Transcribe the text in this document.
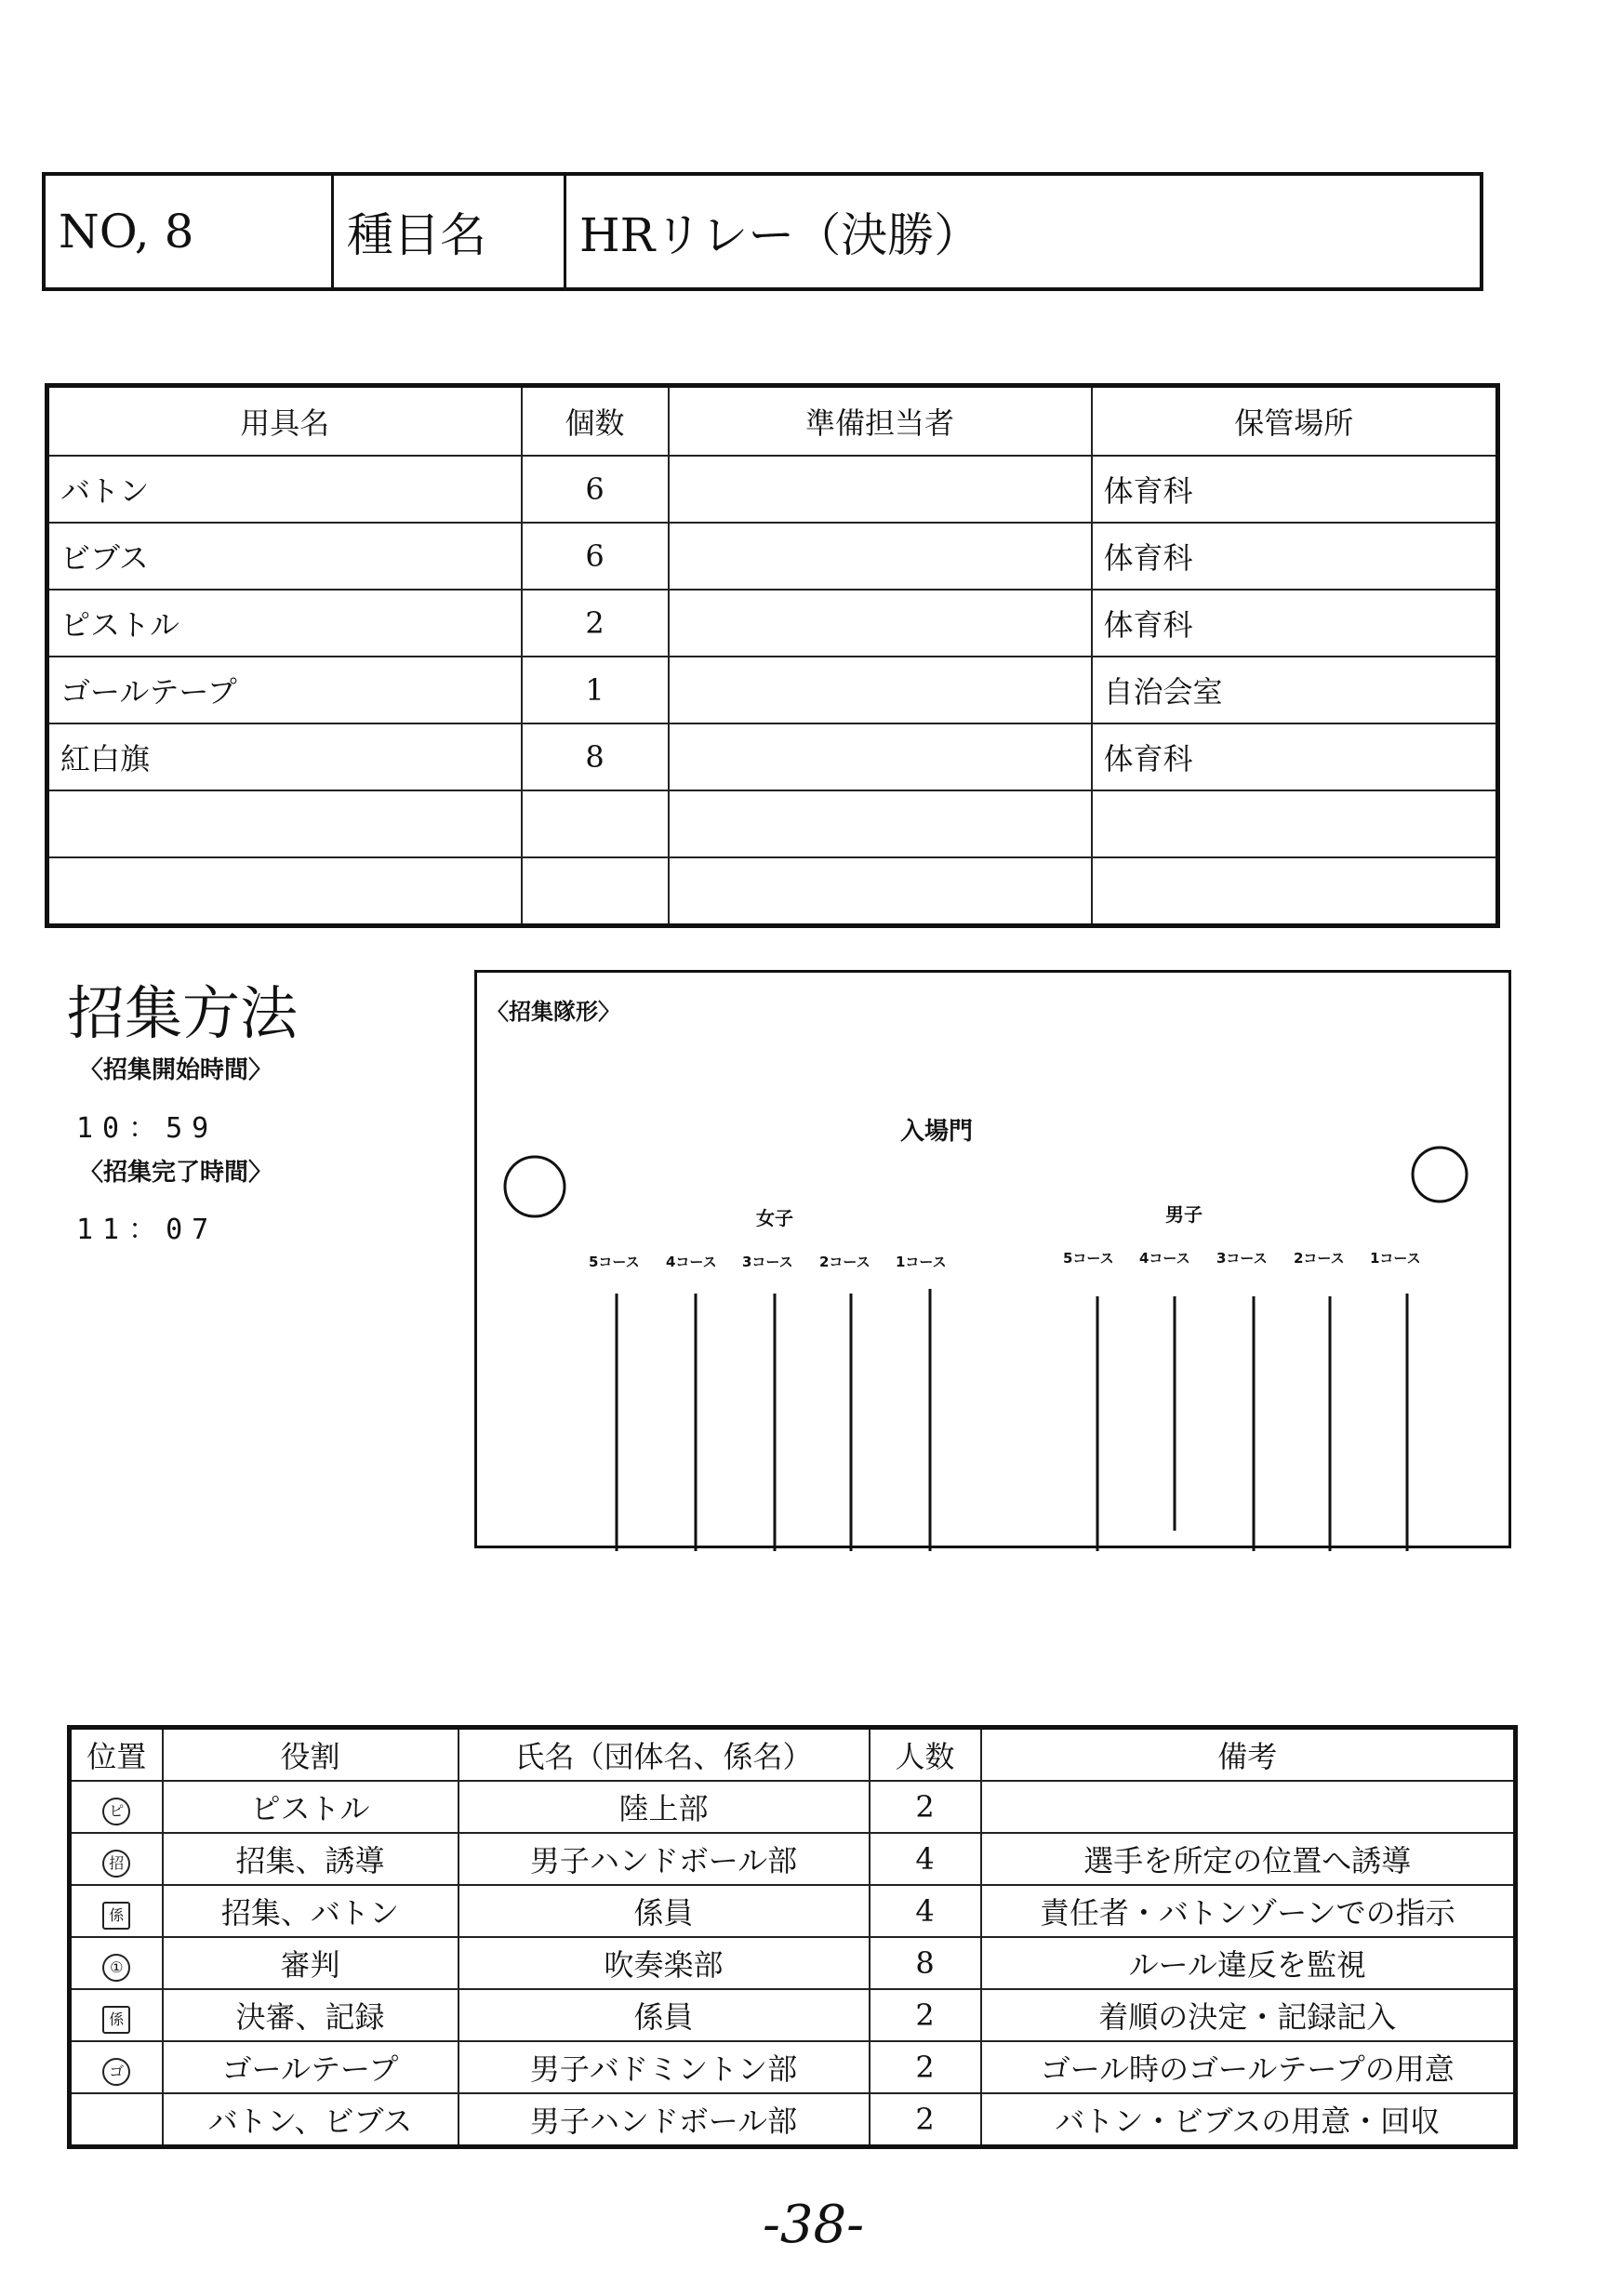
NO, 8	種目名	HRリレー（決勝）
用具名	個数	準備担当者	保管場所
バトン	6		体育科
ビブス	6		体育科
ピストル	2		体育科
ゴールテープ	1		自治会室
紅白旗	8		体育科

招集方法
〈招集開始時間〉
10：59
〈招集完了時間〉
11：07
〈招集隊形〉
入場門
女子	男子
5コース 4コース 3コース 2コース 1コース	5コース 4コース 3コース 2コース 1コース
位置	役割	氏名（団体名、係名）	人数	備考
ピ	ピストル	陸上部	2	
招	招集、誘導	男子ハンドボール部	4	選手を所定の位置へ誘導
係	招集、バトン	係員	4	責任者・バトンゾーンでの指示
①	審判	吹奏楽部	8	ルール違反を監視
係	決審、記録	係員	2	着順の決定・記録記入
ゴ	ゴールテープ	男子バドミントン部	2	ゴール時のゴールテープの用意
	バトン、ビブス	男子ハンドボール部	2	バトン・ビブスの用意・回収
-38-
